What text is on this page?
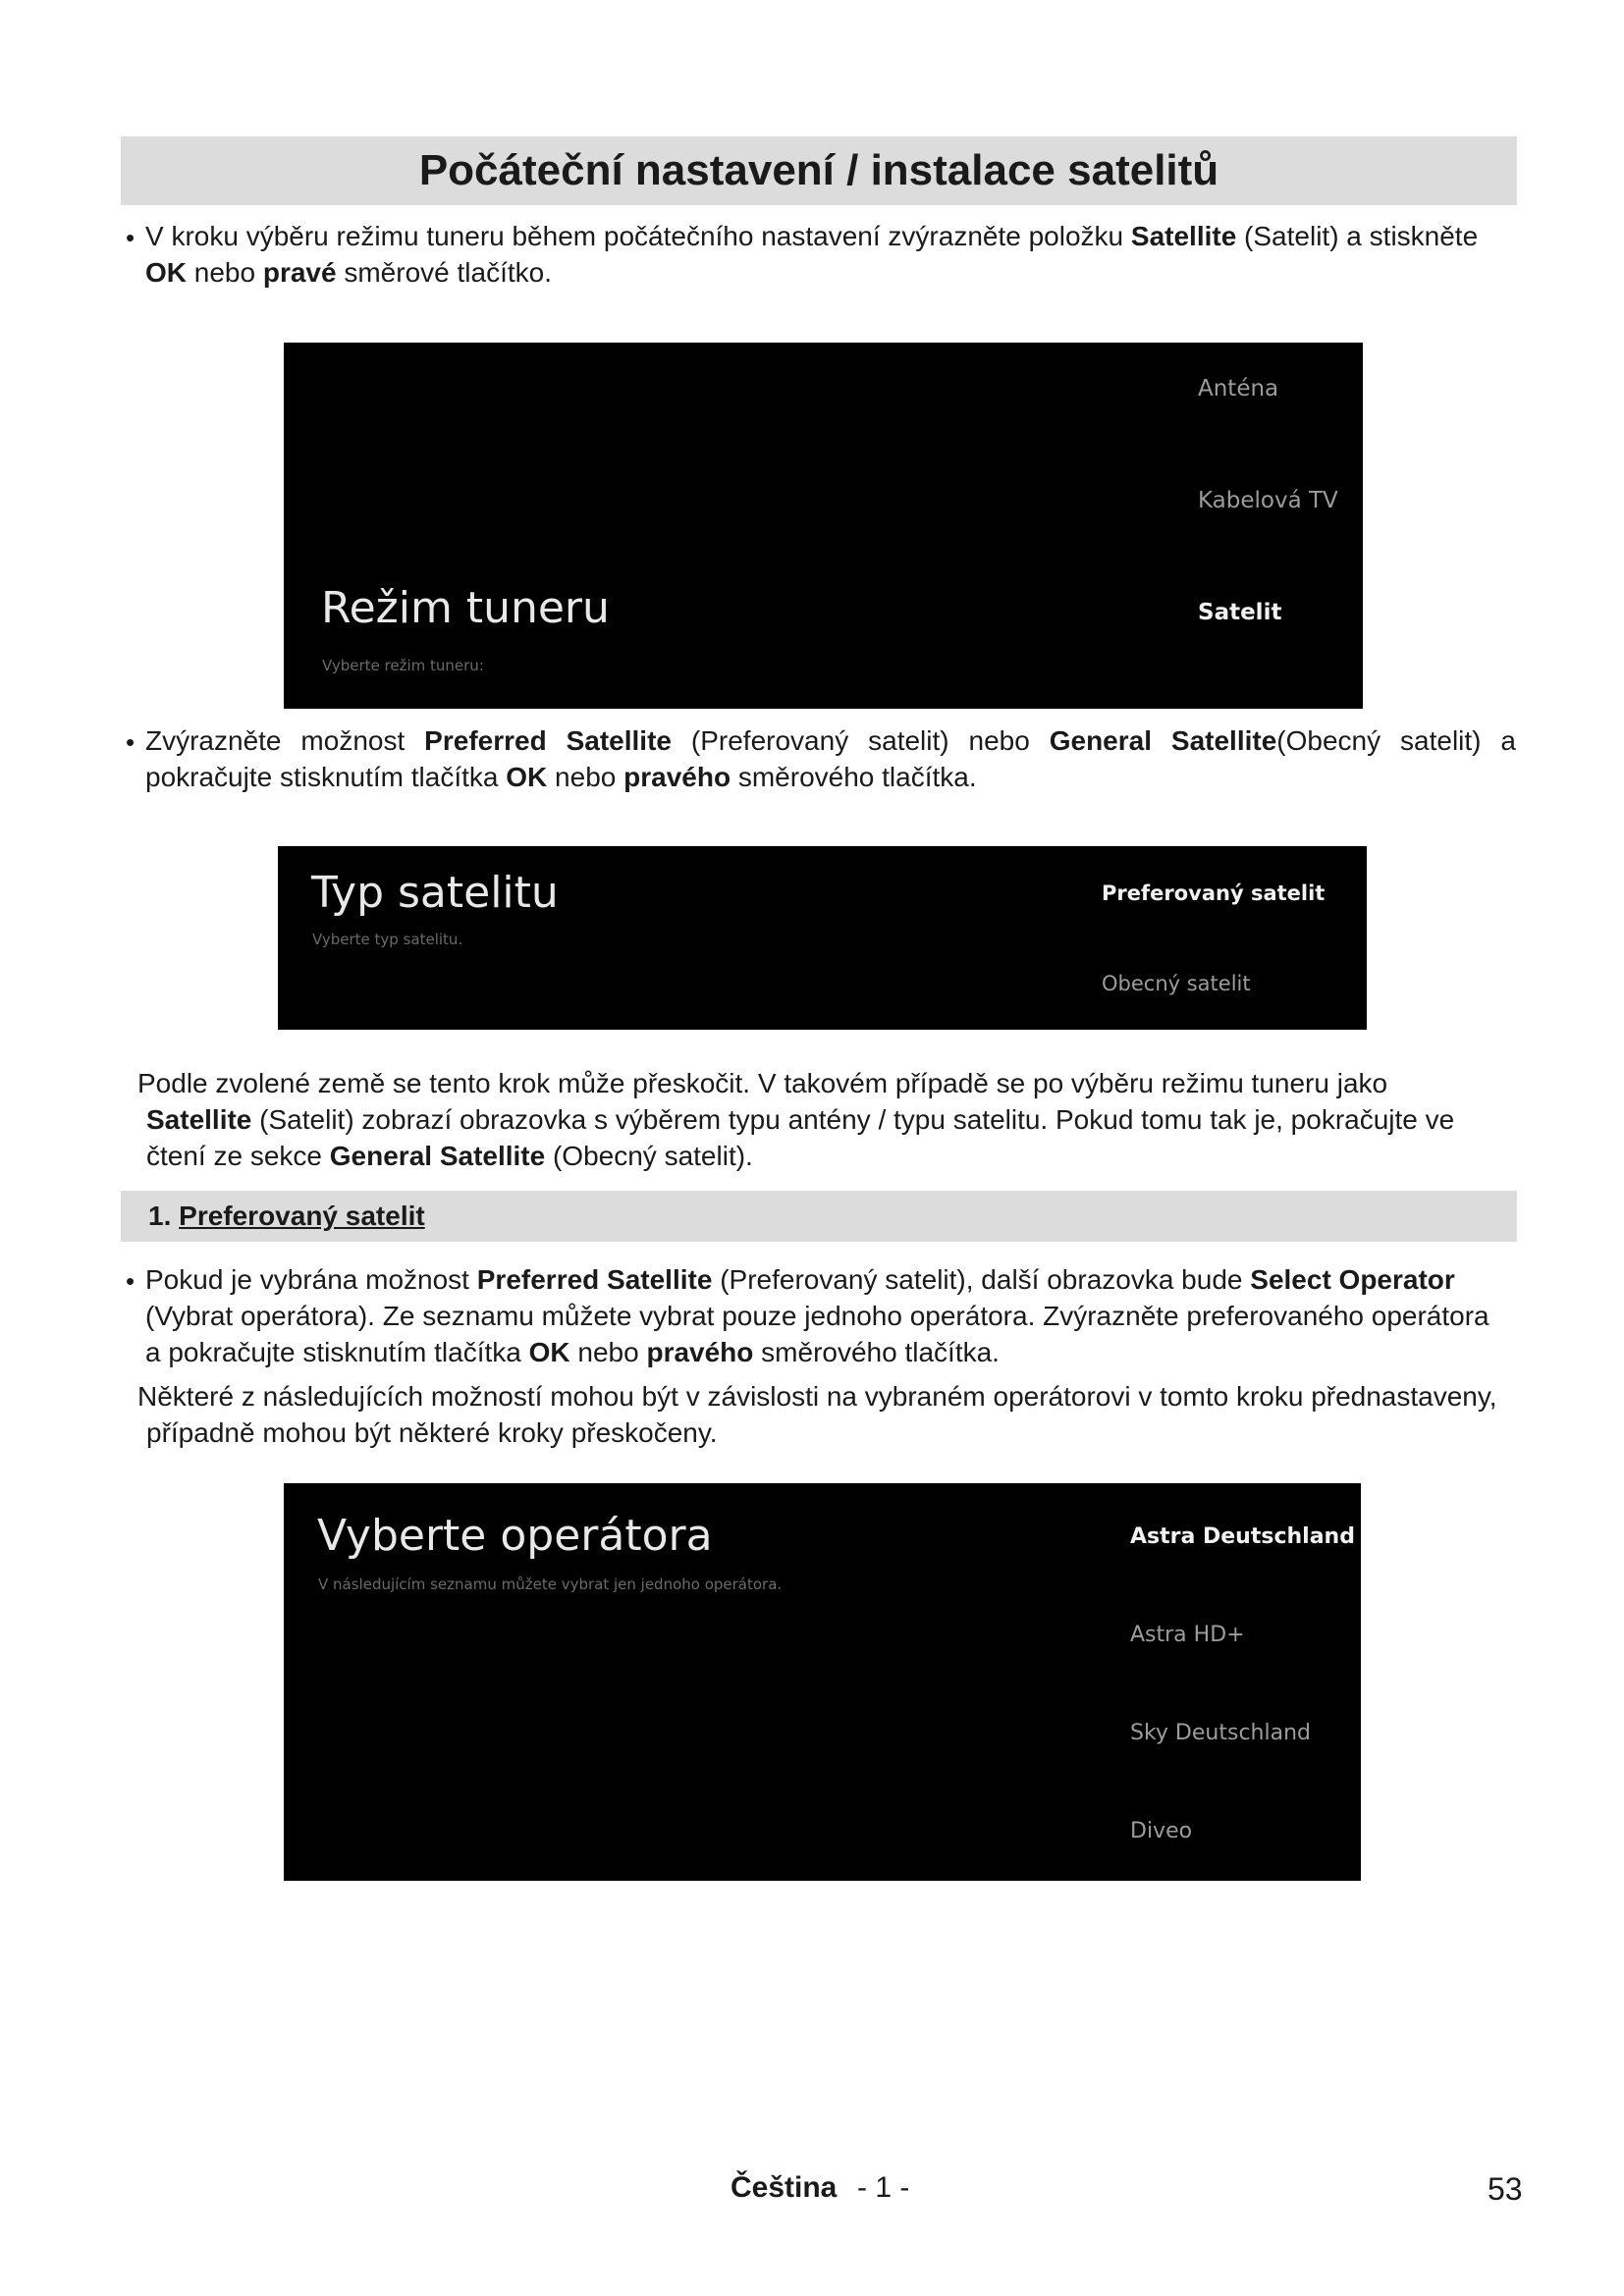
Počáteční nastavení / instalace satelitů
• V kroku výběru režimu tuneru během počátečního nastavení zvýrazněte položku Satellite (Satelit) a stiskněte
OK nebo pravé směrové tlačítko.

Anténa
Kabelová TV
Satelit
Režim tuneru
Vyberte režim tuneru:
• Zvýrazněte možnost Preferred Satellite (Preferovaný satelit) nebo General Satellite(Obecný satelit) a
pokračujte stisknutím tlačítka OK nebo pravého směrového tlačítka.

Typ satelitu
Vyberte typ satelitu.
Preferovaný satelit
Obecný satelit

Podle zvolené země se tento krok může přeskočit. V takovém případě se po výběru režimu tuneru jako
Satellite (Satelit) zobrazí obrazovka s výběrem typu antény / typu satelitu. Pokud tomu tak je, pokračujte ve
čtení ze sekce General Satellite (Obecný satelit).

1. Preferovaný satelit
• Pokud je vybrána možnost Preferred Satellite (Preferovaný satelit), další obrazovka bude Select Operator
(Vybrat operátora). Ze seznamu můžete vybrat pouze jednoho operátora. Zvýrazněte preferovaného operátora
a pokračujte stisknutím tlačítka OK nebo pravého směrového tlačítka.

Některé z následujících možností mohou být v závislosti na vybraném operátorovi v tomto kroku přednastaveny,
případně mohou být některé kroky přeskočeny.

Vyberte operátora
V následujícím seznamu můžete vybrat jen jednoho operátora.
Astra Deutschland
Astra HD+
Sky Deutschland
Diveo
Čeština - 1 -	53
